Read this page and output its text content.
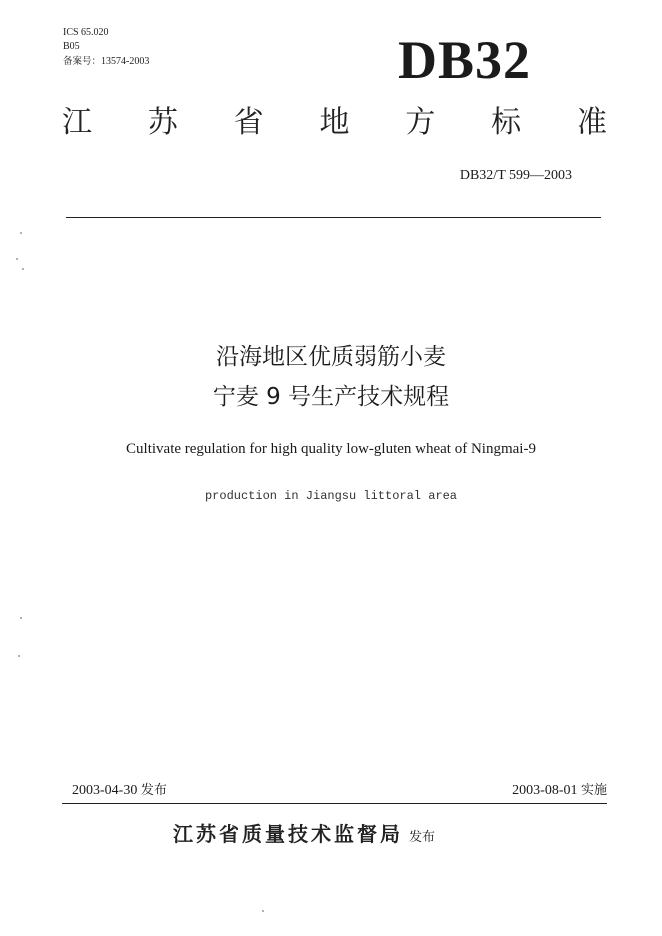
ICS 65.020
B05
备案号：13574-2003	DB32
江 苏 省 地 方 标 准
DB32/T 599—2003
沿海地区优质弱筋小麦
宁麦 9 号生产技术规程
Cultivate regulation for high quality low-gluten wheat of Ningmai-9
production in Jiangsu littoral area
2003-04-30 发布	2003-08-01 实施
江苏省质量技术监督局 发布
